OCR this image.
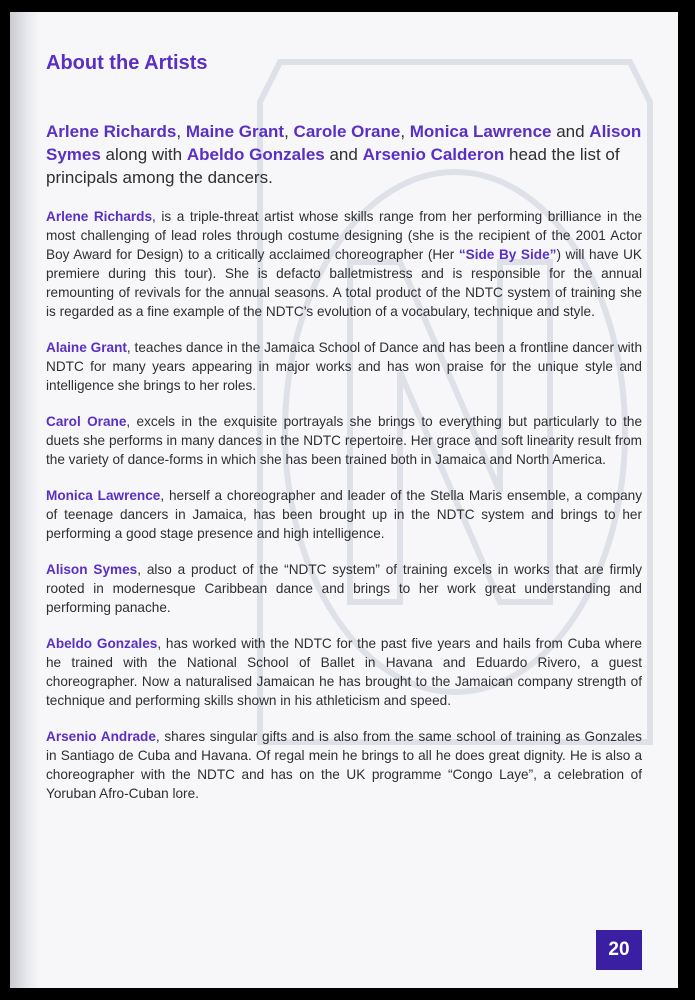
About the Artists

Arlene Richards, Maine Grant, Carole Orane, Monica Lawrence and Alison Symes along with Abeldo Gonzales and Arsenio Calderon head the list of principals among the dancers.

Arlene Richards, is a triple-threat artist whose skills range from her performing brilliance in the most challenging of lead roles through costume designing (she is the recipient of the 2001 Actor Boy Award for Design) to a critically acclaimed choreographer (Her “Side By Side”) will have UK premiere during this tour). She is defacto balletmistress and is responsible for the annual remounting of revivals for the annual seasons. A total product of the NDTC system of training she is regarded as a fine example of the NDTC’s evolution of a vocabulary, technique and style.

Alaine Grant, teaches dance in the Jamaica School of Dance and has been a frontline dancer with NDTC for many years appearing in major works and has won praise for the unique style and intelligence she brings to her roles.

Carol Orane, excels in the exquisite portrayals she brings to everything but particularly to the duets she performs in many dances in the NDTC repertoire. Her grace and soft linearity result from the variety of dance-forms in which she has been trained both in Jamaica and North America.

Monica Lawrence, herself a choreographer and leader of the Stella Maris ensemble, a company of teenage dancers in Jamaica, has been brought up in the NDTC system and brings to her performing a good stage presence and high intelligence.

Alison Symes, also a product of the “NDTC system” of training excels in works that are firmly rooted in modernesque Caribbean dance and brings to her work great understanding and performing panache.

Abeldo Gonzales, has worked with the NDTC for the past five years and hails from Cuba where he trained with the National School of Ballet in Havana and Eduardo Rivero, a guest choreographer. Now a naturalised Jamaican he has brought to the Jamaican company strength of technique and performing skills shown in his athleticism and speed.

Arsenio Andrade, shares singular gifts and is also from the same school of training as Gonzales in Santiago de Cuba and Havana. Of regal mein he brings to all he does great dignity. He is also a choreographer with the NDTC and has on the UK programme “Congo Laye”, a celebration of Yoruban Afro-Cuban lore.

20
